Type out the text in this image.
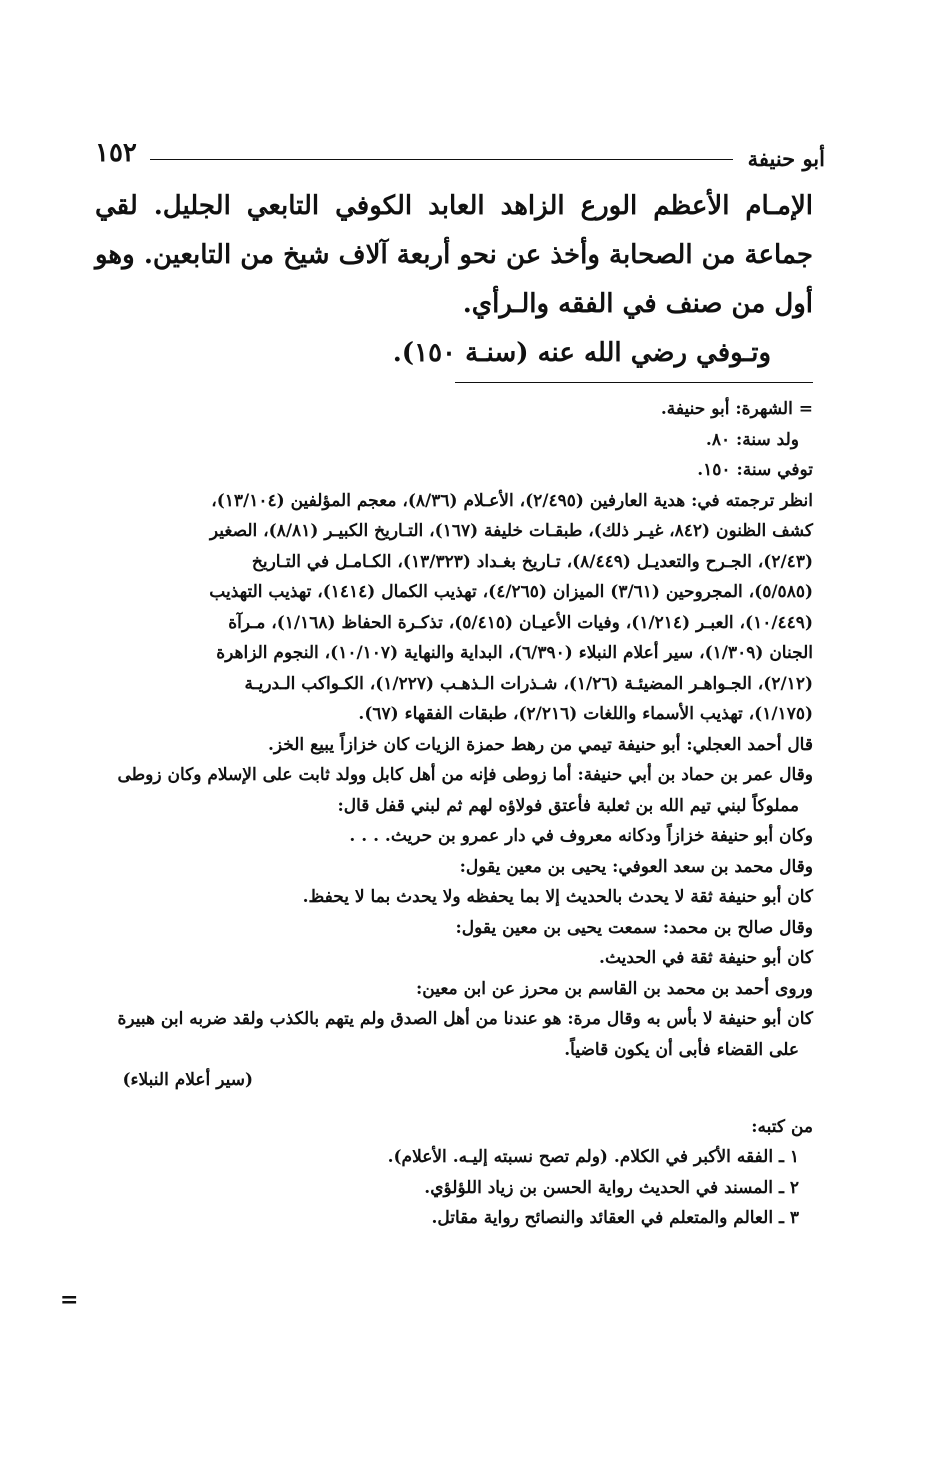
أبو حنيفة
١٥٢

الإمـام الأعظم الورع الزاهد العابد الكوفي التابعي الجليل. لقي جماعة من الصحابة وأخذ عن نحو أربعة آلاف شيخ من التابعين. وهو أول من صنف في الفقه والـرأي.

وتـوفي رضي الله عنه (سنـة ١٥٠).

= الشهرة: أبو حنيفة.
ولد سنة: ٨٠.
توفي سنة: ١٥٠.
انظر ترجمته في: هدية العارفين (٢/٤٩٥)، الأعـلام (٨/٣٦)، معجم المؤلفين (١٣/١٠٤)،
كشف الظنون (٨٤٢، غيـر ذلك)، طبقـات خليفة (١٦٧)، التـاريخ الكبيـر (٨/٨١)، الصغير
(٢/٤٣)، الجـرح والتعديـل (٨/٤٤٩)، تـاريخ بغـداد (١٣/٣٢٣)، الكـامـل في التـاريخ
(٥/٥٨٥)، المجروحين (٣/٦١) الميزان (٤/٢٦٥)، تهذيب الكمال (١٤١٤)، تهذيب التهذيب
(١٠/٤٤٩)، العبـر (١/٢١٤)، وفيات الأعيـان (٥/٤١٥)، تذكـرة الحفاظ (١/١٦٨)، مـرآة
الجنان (١/٣٠٩)، سير أعلام النبلاء (٦/٣٩٠)، البداية والنهاية (١٠/١٠٧)، النجوم الزاهرة
(٢/١٢)، الجـواهـر المضيئـة (١/٢٦)، شـذرات الـذهـب (١/٢٢٧)، الكـواكب الـدريـة
(١/١٧٥)، تهذيب الأسماء واللغات (٢/٢١٦)، طبقات الفقهاء (٦٧).
قال أحمد العجلي: أبو حنيفة تيمي من رهط حمزة الزيات كان خزازاً يبيع الخز.
وقال عمر بن حماد بن أبي حنيفة: أما زوطى فإنه من أهل كابل وولد ثابت على الإسلام وكان زوطى
مملوكاً لبني تيم الله بن ثعلبة فأعتق فولاؤه لهم ثم لبني قفل قال:
وكان أبو حنيفة خزازاً ودكانه معروف في دار عمرو بن حريث. . . .
وقال محمد بن سعد العوفي: يحيى بن معين يقول:
كان أبو حنيفة ثقة لا يحدث بالحديث إلا بما يحفظه ولا يحدث بما لا يحفظ.
وقال صالح بن محمد: سمعت يحيى بن معين يقول:
كان أبو حنيفة ثقة في الحديث.
وروى أحمد بن محمد بن القاسم بن محرز عن ابن معين:
كان أبو حنيفة لا بأس به وقال مرة: هو عندنا من أهل الصدق ولم يتهم بالكذب ولقد ضربه ابن هبيرة
على القضاء فأبى أن يكون قاضياً.
(سير أعلام النبلاء)
من كتبه:
١ ـ الفقه الأكبر في الكلام. (ولم تصح نسبته إليـه. الأعلام).
٢ ـ المسند في الحديث رواية الحسن بن زياد اللؤلؤي.
٣ ـ العالم والمتعلم في العقائد والنصائح رواية مقاتل.
=
